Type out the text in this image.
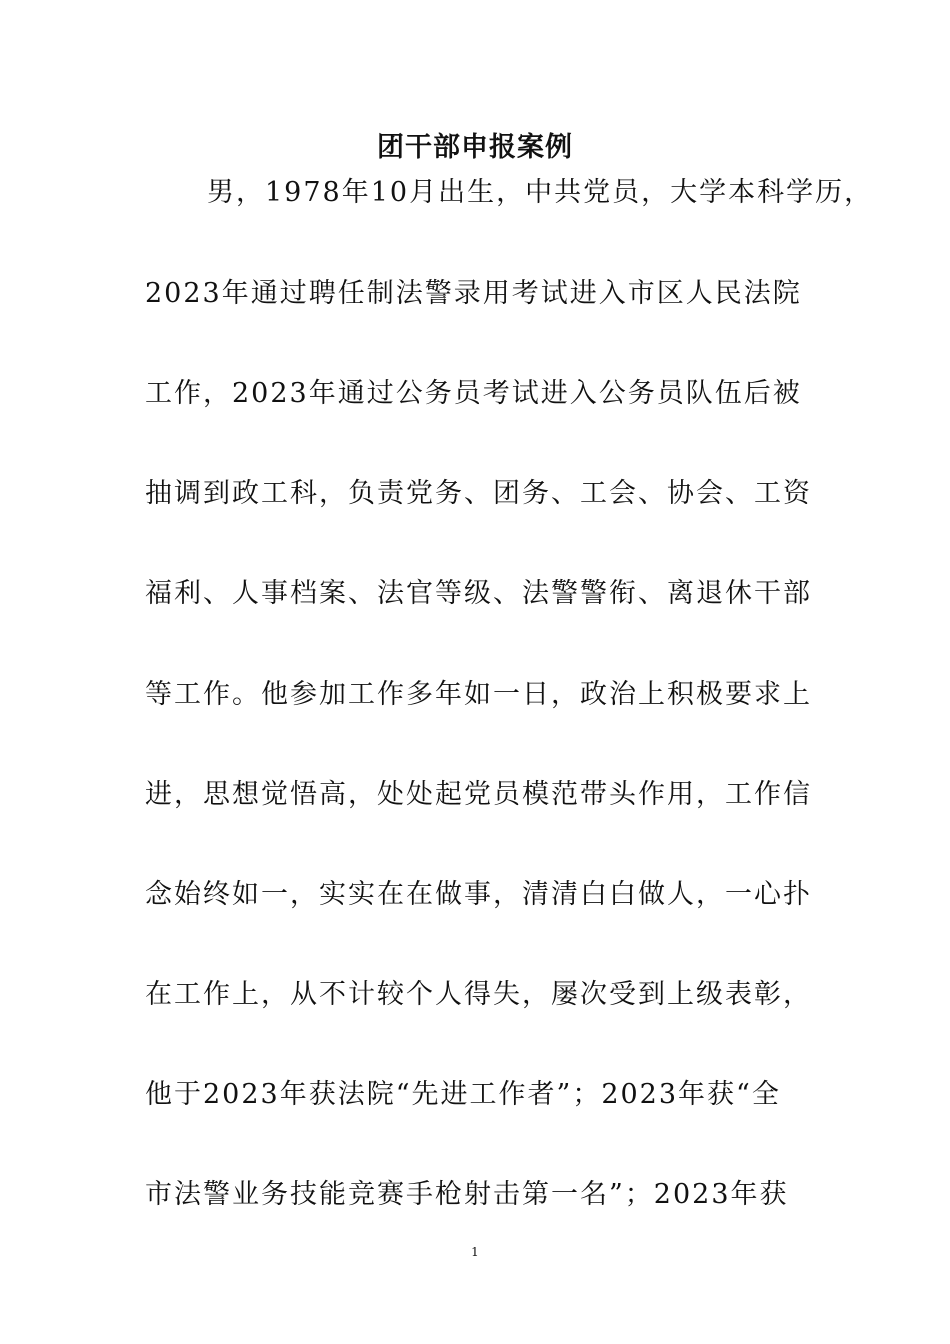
团干部申报案例
　男，1978年10月出生，中共党员，大学本科学历，
2023年通过聘任制法警录用考试进入市区人民法院
工作，2023年通过公务员考试进入公务员队伍后被
抽调到政工科，负责党务、团务、工会、协会、工资
福利、人事档案、法官等级、法警警衔、离退休干部
等工作。他参加工作多年如一日，政治上积极要求上
进，思想觉悟高，处处起党员模范带头作用，工作信
念始终如一，实实在在做事，清清白白做人，一心扑
在工作上，从不计较个人得失，屡次受到上级表彰，
他于2023年获法院“先进工作者”；2023年获“全
市法警业务技能竞赛手枪射击第一名”；2023年获
1
